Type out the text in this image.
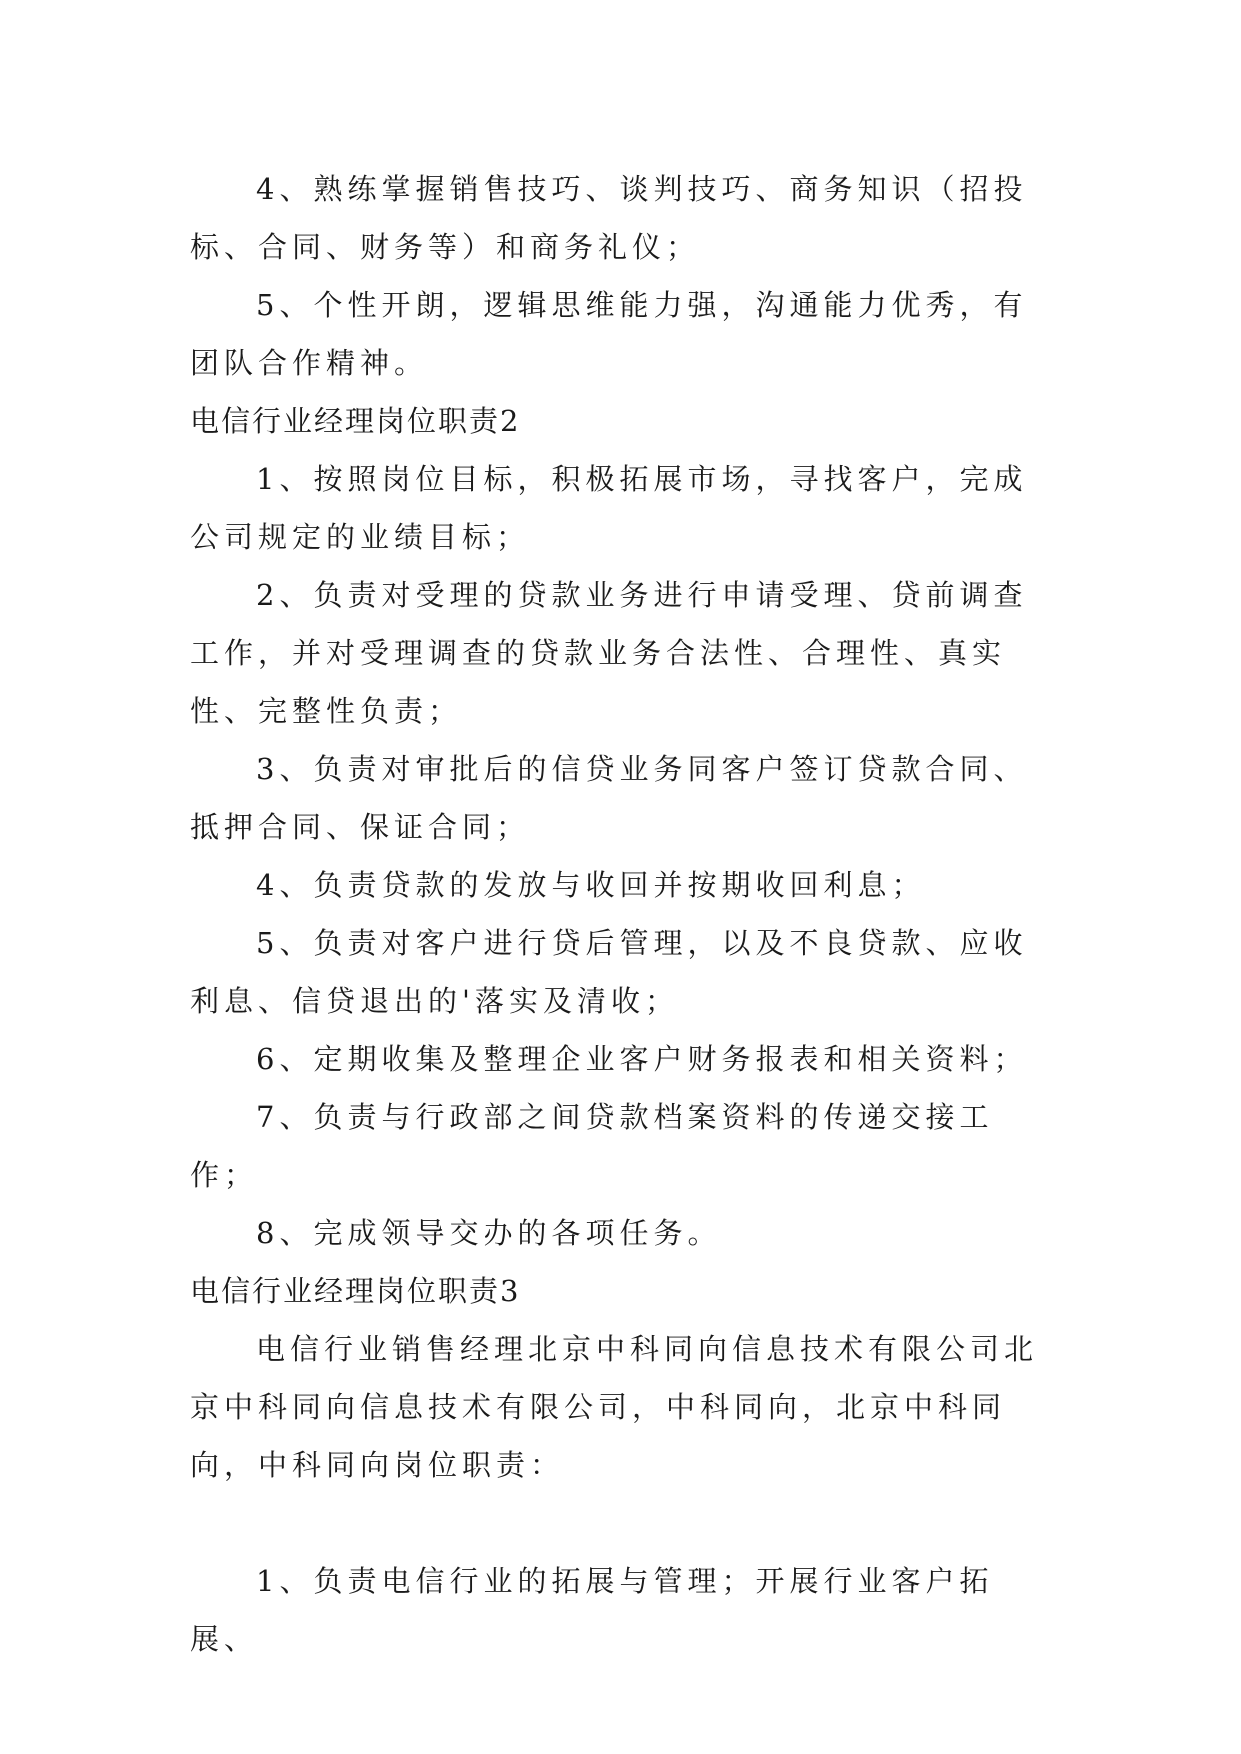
4、熟练掌握销售技巧、谈判技巧、商务知识（招投标、合同、财务等）和商务礼仪；

5、个性开朗，逻辑思维能力强，沟通能力优秀，有团队合作精神。

电信行业经理岗位职责2

1、按照岗位目标，积极拓展市场，寻找客户，完成公司规定的业绩目标；

2、负责对受理的贷款业务进行申请受理、贷前调查工作，并对受理调查的贷款业务合法性、合理性、真实性、完整性负责；

3、负责对审批后的信贷业务同客户签订贷款合同、抵押合同、保证合同；

4、负责贷款的发放与收回并按期收回利息；

5、负责对客户进行贷后管理，以及不良贷款、应收利息、信贷退出的'落实及清收；

6、定期收集及整理企业客户财务报表和相关资料；

7、负责与行政部之间贷款档案资料的传递交接工作；

8、完成领导交办的各项任务。

电信行业经理岗位职责3

电信行业销售经理北京中科同向信息技术有限公司北京中科同向信息技术有限公司，中科同向，北京中科同向，中科同向岗位职责：

1、负责电信行业的拓展与管理；开展行业客户拓展、
